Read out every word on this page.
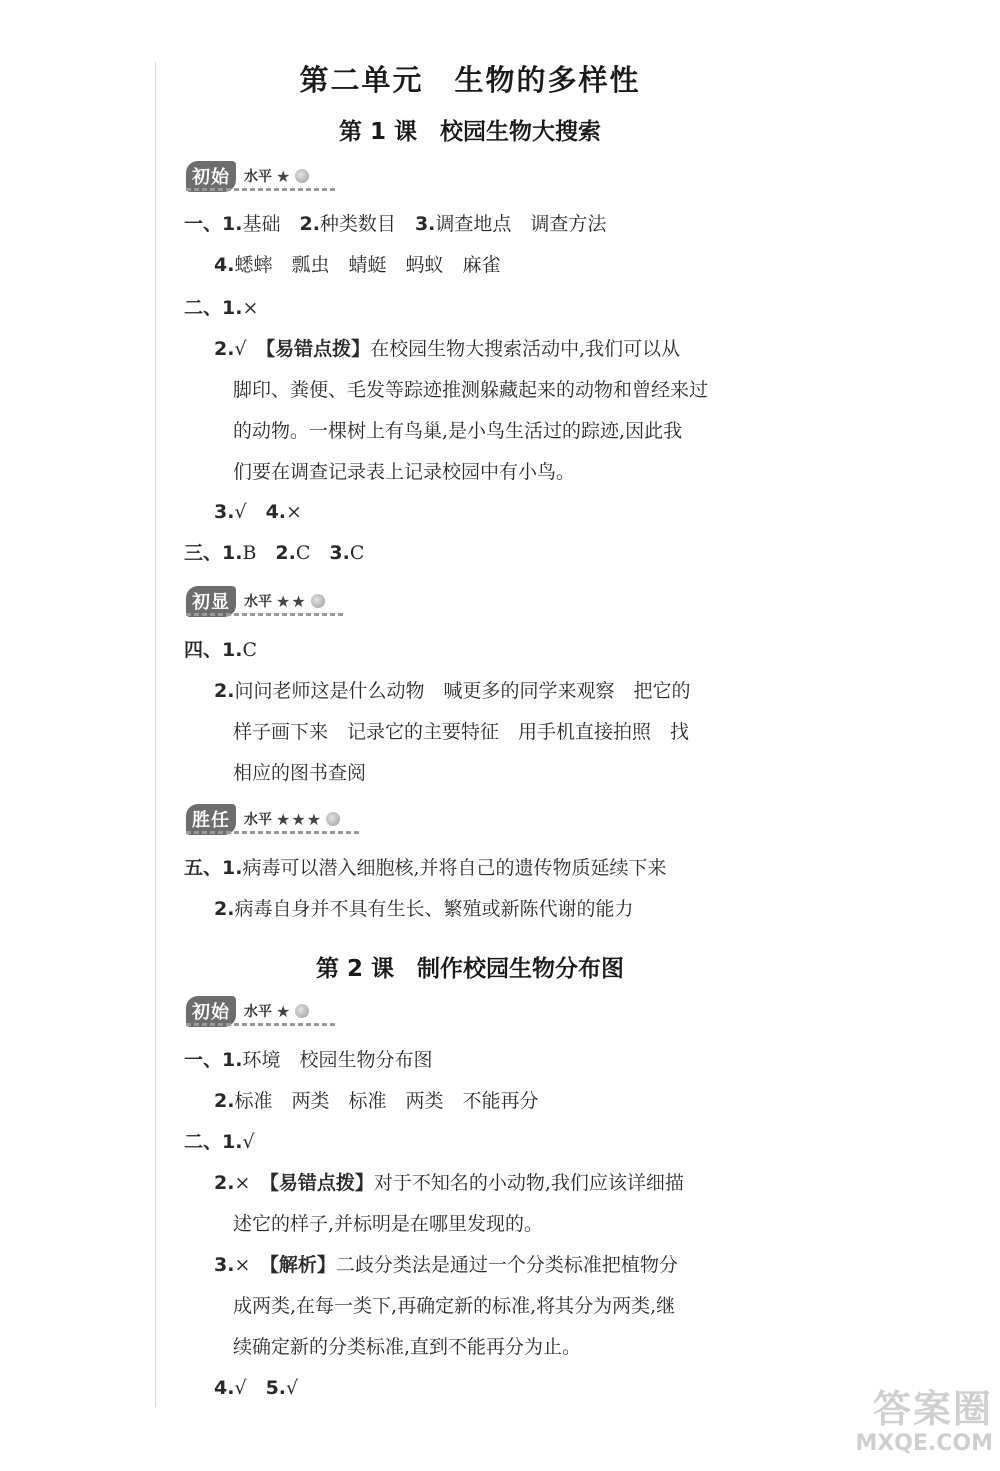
第二单元　生物的多样性
第 1 课　校园生物大搜索
初始	水平 ★
一、1.基础　2.种类数目　3.调查地点　调查方法
4.蟋蟀　瓢虫　蜻蜓　蚂蚁　麻雀
二、1.×
2.√　【易错点拨】在校园生物大搜索活动中,我们可以从
脚印、粪便、毛发等踪迹推测躲藏起来的动物和曾经来过
的动物。一棵树上有鸟巢,是小鸟生活过的踪迹,因此我
们要在调查记录表上记录校园中有小鸟。
3.√　4.×
三、1.B　2.C　3.C
初显	水平 ★★
四、1.C
2.问问老师这是什么动物　喊更多的同学来观察　把它的
样子画下来　记录它的主要特征　用手机直接拍照　找
相应的图书查阅
胜任	水平 ★★★
五、1.病毒可以潜入细胞核,并将自己的遗传物质延续下来
2.病毒自身并不具有生长、繁殖或新陈代谢的能力
第 2 课　制作校园生物分布图
初始	水平 ★
一、1.环境　校园生物分布图
2.标准　两类　标准　两类　不能再分
二、1.√
2.×　【易错点拨】对于不知名的小动物,我们应该详细描
述它的样子,并标明是在哪里发现的。
3.×　【解析】二歧分类法是通过一个分类标准把植物分
成两类,在每一类下,再确定新的标准,将其分为两类,继
续确定新的分类标准,直到不能再分为止。
4.√　5.√	答案圈
MXQE.COM
